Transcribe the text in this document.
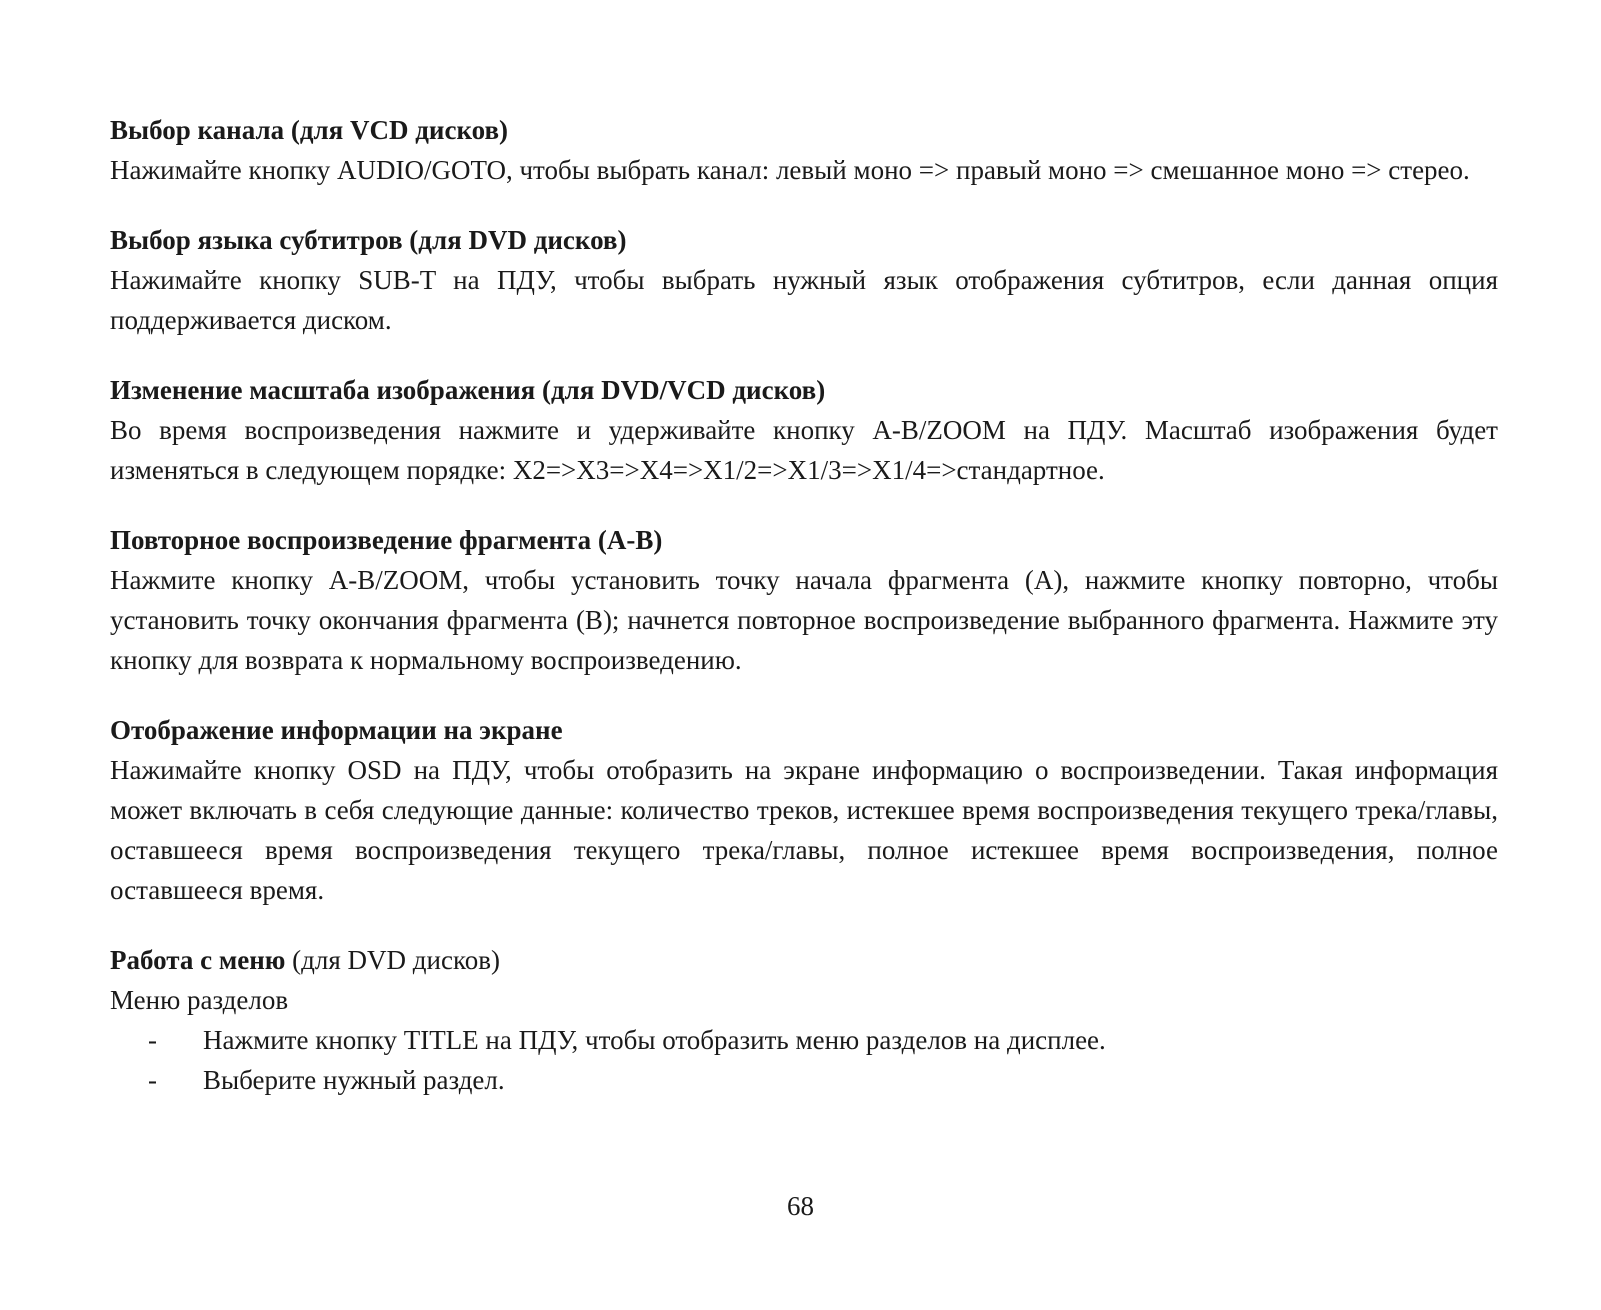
Выбор канала (для VCD дисков)

Нажимайте кнопку AUDIO/GOTO, чтобы выбрать канал: левый моно => правый моно => смешанное моно => стерео.

Выбор языка субтитров (для DVD дисков)

Нажимайте кнопку SUB-T на ПДУ, чтобы выбрать нужный язык отображения субтитров, если данная опция поддерживается диском.

Изменение масштаба изображения (для DVD/VCD дисков)

Во время воспроизведения нажмите и удерживайте кнопку A-B/ZOOM на ПДУ. Масштаб изображения будет изменяться в следующем порядке: X2=>X3=>X4=>X1/2=>X1/3=>X1/4=>стандартное.

Повторное воспроизведение фрагмента (A-B)

Нажмите кнопку A-B/ZOOM, чтобы установить точку начала фрагмента (A), нажмите кнопку повторно, чтобы установить точку окончания фрагмента (B); начнется повторное воспроизведение выбранного фрагмента. Нажмите эту кнопку для возврата к нормальному воспроизведению.

Отображение информации на экране

Нажимайте кнопку OSD на ПДУ, чтобы отобразить на экране информацию о воспроизведении. Такая информация может включать в себя следующие данные: количество треков, истекшее время воспроизведения текущего трека/главы, оставшееся время воспроизведения текущего трека/главы, полное истекшее время воспроизведения, полное оставшееся время.

Работа с меню (для DVD дисков)

Меню разделов

- Нажмите кнопку TITLE на ПДУ, чтобы отобразить меню разделов на дисплее.
- Выберите нужный раздел.
68
